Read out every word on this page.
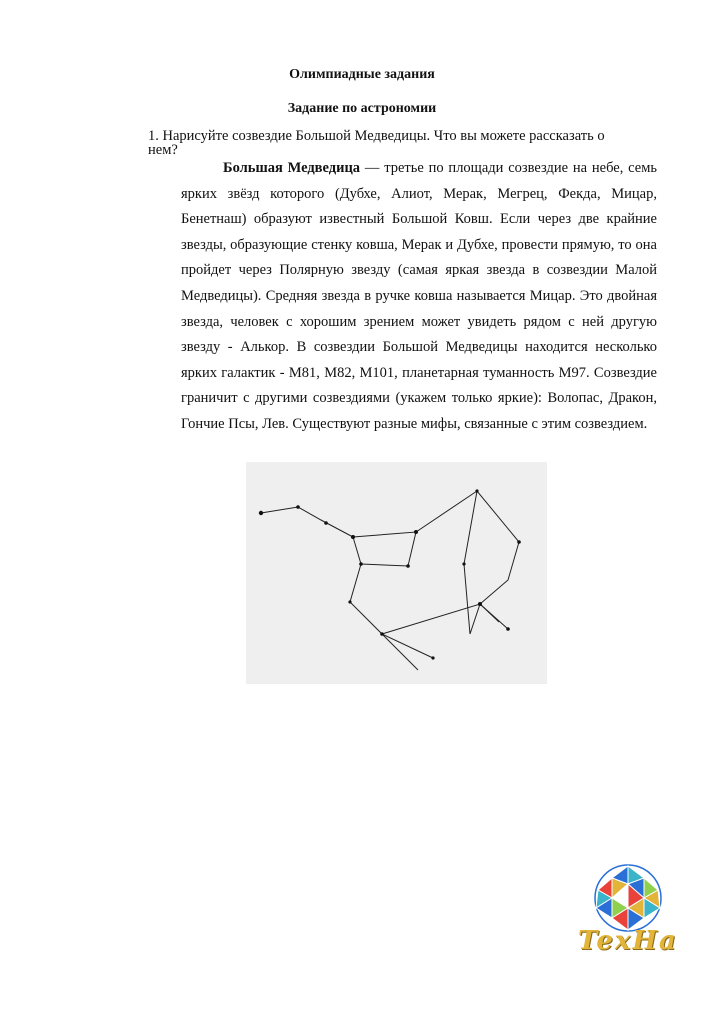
Олимпиадные задания
Задание по астрономии
1. Нарисуйте созвездие Большой Медведицы. Что вы можете рассказать о
нем?
Большая Медведица — третье по площади созвездие на небе, семь ярких звёзд которого (Дубхе, Алиот, Мерак, Мегрец, Фекда, Мицар, Бенетнаш) образуют известный Большой Ковш. Если через две крайние звезды, образующие стенку ковша, Мерак и Дубхе, провести прямую, то она пройдет через Полярную звезду (самая яркая звезда в созвездии Малой Медведицы). Средняя звезда в ручке ковша называется Мицар. Это двойная звезда, человек с хорошим зрением может увидеть рядом с ней другую звезду - Алькор. В созвездии Большой Медведицы находится несколько ярких галактик - М81, М82, М101, планетарная туманность М97. Созвездие граничит с другими созвездиями (укажем только яркие): Волопас, Дракон, Гончие Псы, Лев. Существуют разные мифы, связанные с этим созвездием.
TexHa
